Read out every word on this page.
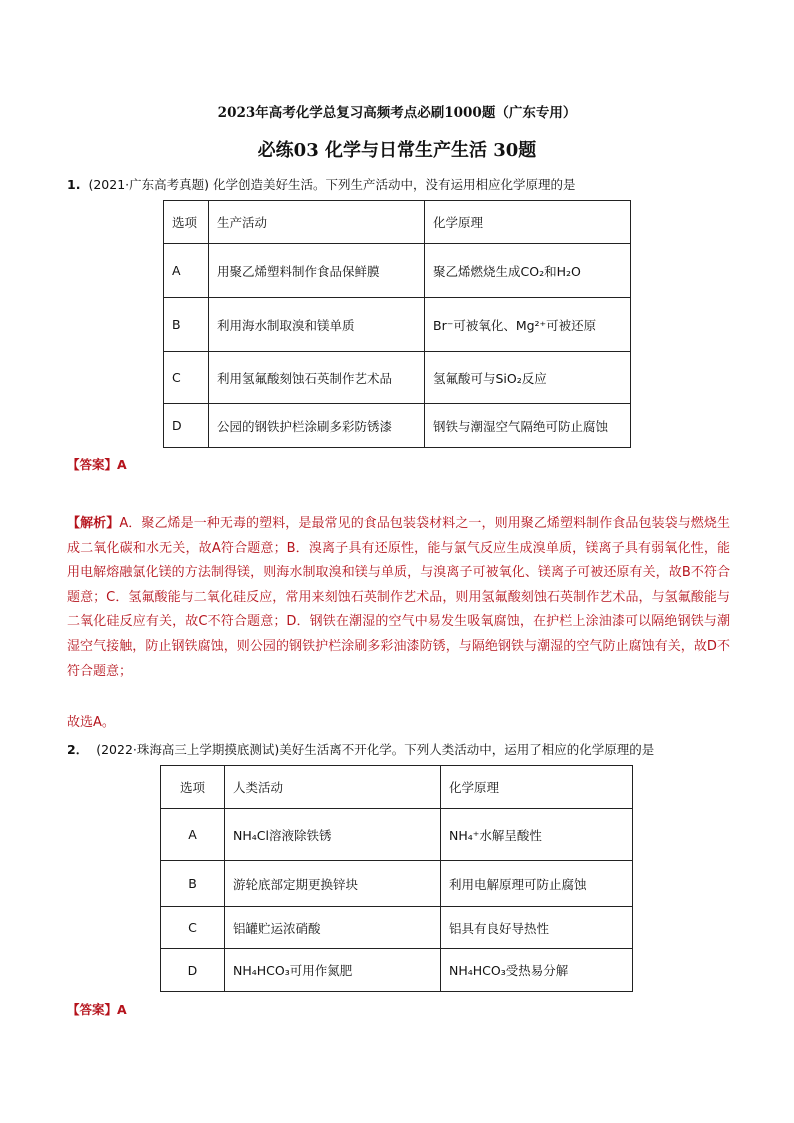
2023年高考化学总复习高频考点必刷1000题（广东专用）
必练03 化学与日常生产生活 30题
1. (2021·广东高考真题) 化学创造美好生活。下列生产活动中，没有运用相应化学原理的是
选项	生产活动	化学原理
A	用聚乙烯塑料制作食品保鲜膜	聚乙烯燃烧生成CO₂和H₂O
B	利用海水制取溴和镁单质	Br⁻可被氧化、Mg²⁺可被还原
C	利用氢氟酸刻蚀石英制作艺术品	氢氟酸可与SiO₂反应
D	公园的钢铁护栏涂刷多彩防锈漆	钢铁与潮湿空气隔绝可防止腐蚀
【答案】A
【解析】A．聚乙烯是一种无毒的塑料，是最常见的食品包装袋材料之一，则用聚乙烯塑料制作食品包装袋与燃烧生成二氧化碳和水无关，故A符合题意；B．溴离子具有还原性，能与氯气反应生成溴单质，镁离子具有弱氧化性，能用电解熔融氯化镁的方法制得镁，则海水制取溴和镁与单质，与溴离子可被氧化、镁离子可被还原有关，故B不符合题意；C．氢氟酸能与二氧化硅反应，常用来刻蚀石英制作艺术品，则用氢氟酸刻蚀石英制作艺术品，与氢氟酸能与二氧化硅反应有关，故C不符合题意；D．钢铁在潮湿的空气中易发生吸氧腐蚀，在护栏上涂油漆可以隔绝钢铁与潮湿空气接触，防止钢铁腐蚀，则公园的钢铁护栏涂刷多彩油漆防锈，与隔绝钢铁与潮湿的空气防止腐蚀有关，故D不符合题意；
故选A。
2． (2022·珠海高三上学期摸底测试)美好生活离不开化学。下列人类活动中，运用了相应的化学原理的是
选项	人类活动	化学原理
A	NH₄Cl溶液除铁锈	NH₄⁺水解呈酸性
B	游轮底部定期更换锌块	利用电解原理可防止腐蚀
C	铝罐贮运浓硝酸	铝具有良好导热性
D	NH₄HCO₃可用作氮肥	NH₄HCO₃受热易分解
【答案】A
